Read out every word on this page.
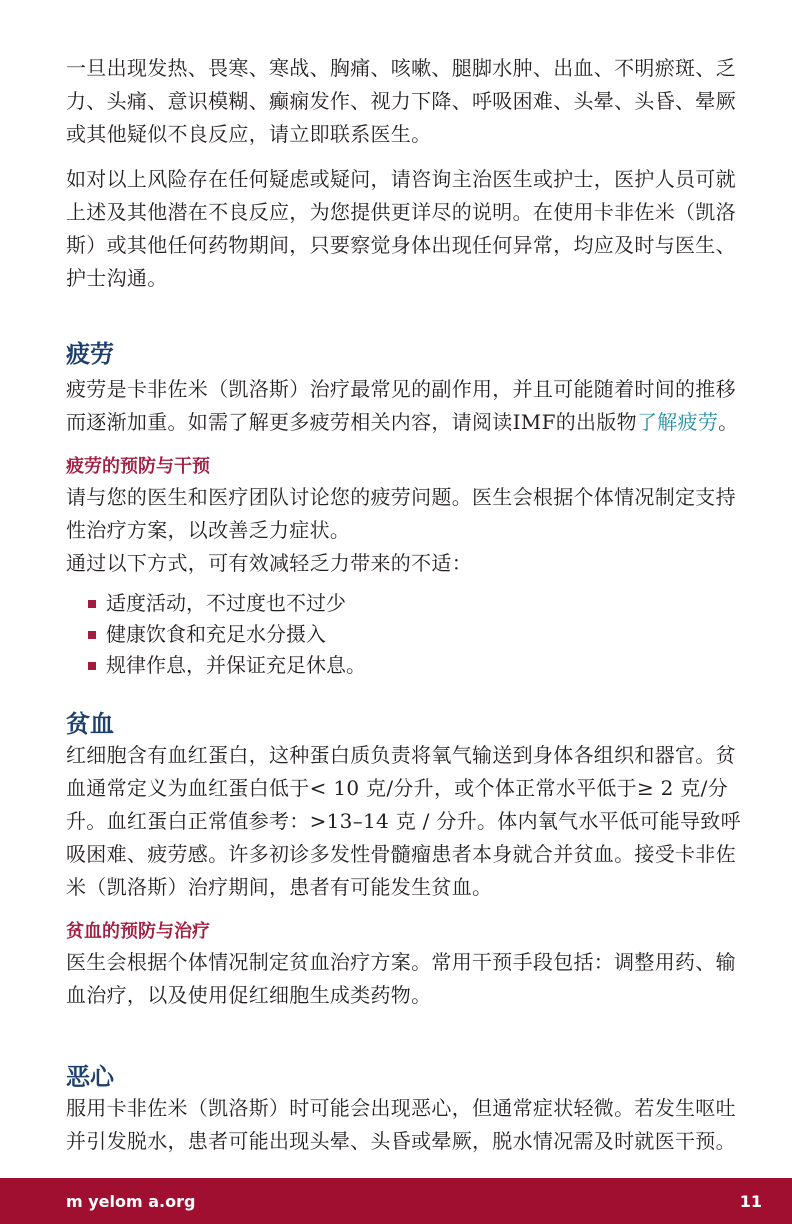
一旦出现发热、畏寒、寒战、胸痛、咳嗽、腿脚水肿、出血、不明瘀斑、乏力、头痛、意识模糊、癫痫发作、视力下降、呼吸困难、头晕、头昏、晕厥或其他疑似不良反应，请立即联系医生。

如对以上风险存在任何疑虑或疑问，请咨询主治医生或护士，医护人员可就上述及其他潜在不良反应，为您提供更详尽的说明。在使用卡非佐米（凯洛斯）或其他任何药物期间，只要察觉身体出现任何异常，均应及时与医生、护士沟通。

疲劳

疲劳是卡非佐米（凯洛斯）治疗最常见的副作用，并且可能随着时间的推移而逐渐加重。如需了解更多疲劳相关内容，请阅读IMF的出版物了解疲劳。

疲劳的预防与干预

请与您的医生和医疗团队讨论您的疲劳问题。医生会根据个体情况制定支持性治疗方案，以改善乏力症状。

通过以下方式，可有效减轻乏力带来的不适：

适度活动，不过度也不过少
健康饮食和充足水分摄入
规律作息，并保证充足休息。
贫血

红细胞含有血红蛋白，这种蛋白质负责将氧气输送到身体各组织和器官。贫血通常定义为血红蛋白低于< 10 克/分升，或个体正常水平低于≥ 2 克/分升。血红蛋白正常值参考：>13–14 克 / 分升。体内氧气水平低可能导致呼吸困难、疲劳感。许多初诊多发性骨髓瘤患者本身就合并贫血。接受卡非佐米（凯洛斯）治疗期间，患者有可能发生贫血。

贫血的预防与治疗

医生会根据个体情况制定贫血治疗方案。常用干预手段包括：调整用药、输血治疗，以及使用促红细胞生成类药物。

恶心

服用卡非佐米（凯洛斯）时可能会出现恶心，但通常症状轻微。若发生呕吐并引发脱水，患者可能出现头晕、头昏或晕厥，脱水情况需及时就医干预。

m yelom a.org	11
